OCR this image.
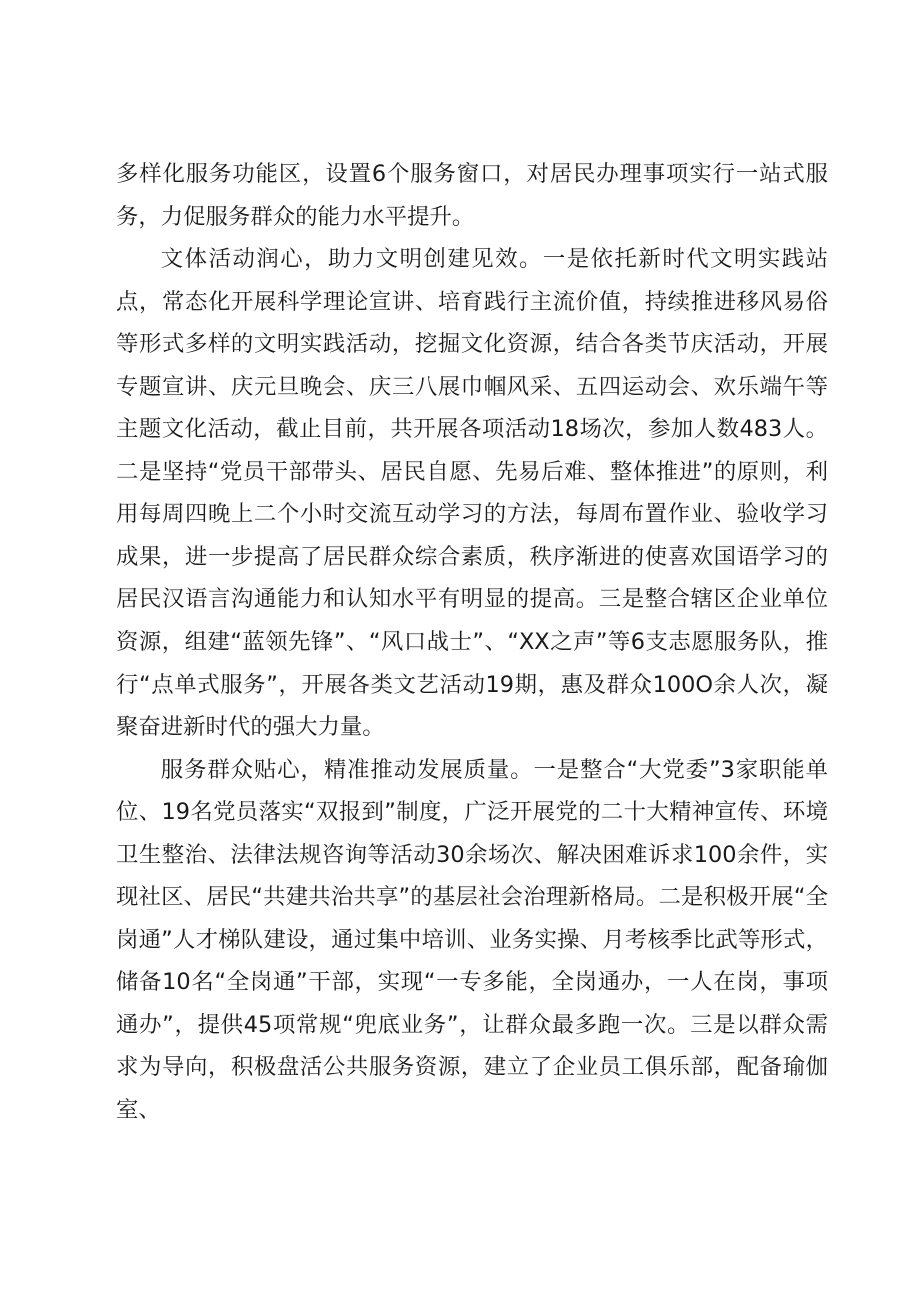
多样化服务功能区，设置6个服务窗口，对居民办理事项实行一站式服务，力促服务群众的能力水平提升。

文体活动润心，助力文明创建见效。一是依托新时代文明实践站点，常态化开展科学理论宣讲、培育践行主流价值，持续推进移风易俗等形式多样的文明实践活动，挖掘文化资源，结合各类节庆活动，开展专题宣讲、庆元旦晚会、庆三八展巾帼风采、五四运动会、欢乐端午等主题文化活动，截止目前，共开展各项活动18场次，参加人数483人。二是坚持“党员干部带头、居民自愿、先易后难、整体推进”的原则，利用每周四晚上二个小时交流互动学习的方法，每周布置作业、验收学习成果，进一步提高了居民群众综合素质，秩序渐进的使喜欢国语学习的居民汉语言沟通能力和认知水平有明显的提高。三是整合辖区企业单位资源，组建“蓝领先锋”、“风口战士”、“XX之声”等6支志愿服务队，推行“点单式服务”，开展各类文艺活动19期，惠及群众100O余人次，凝聚奋进新时代的强大力量。

服务群众贴心，精准推动发展质量。一是整合“大党委”3家职能单位、19名党员落实“双报到”制度，广泛开展党的二十大精神宣传、环境卫生整治、法律法规咨询等活动30余场次、解决困难诉求100余件，实现社区、居民“共建共治共享”的基层社会治理新格局。二是积极开展“全岗通”人才梯队建设，通过集中培训、业务实操、月考核季比武等形式，储备10名“全岗通”干部，实现“一专多能，全岗通办，一人在岗，事项通办”，提供45项常规“兜底业务”，让群众最多跑一次。三是以群众需求为导向，积极盘活公共服务资源，建立了企业员工俱乐部，配备瑜伽室、
